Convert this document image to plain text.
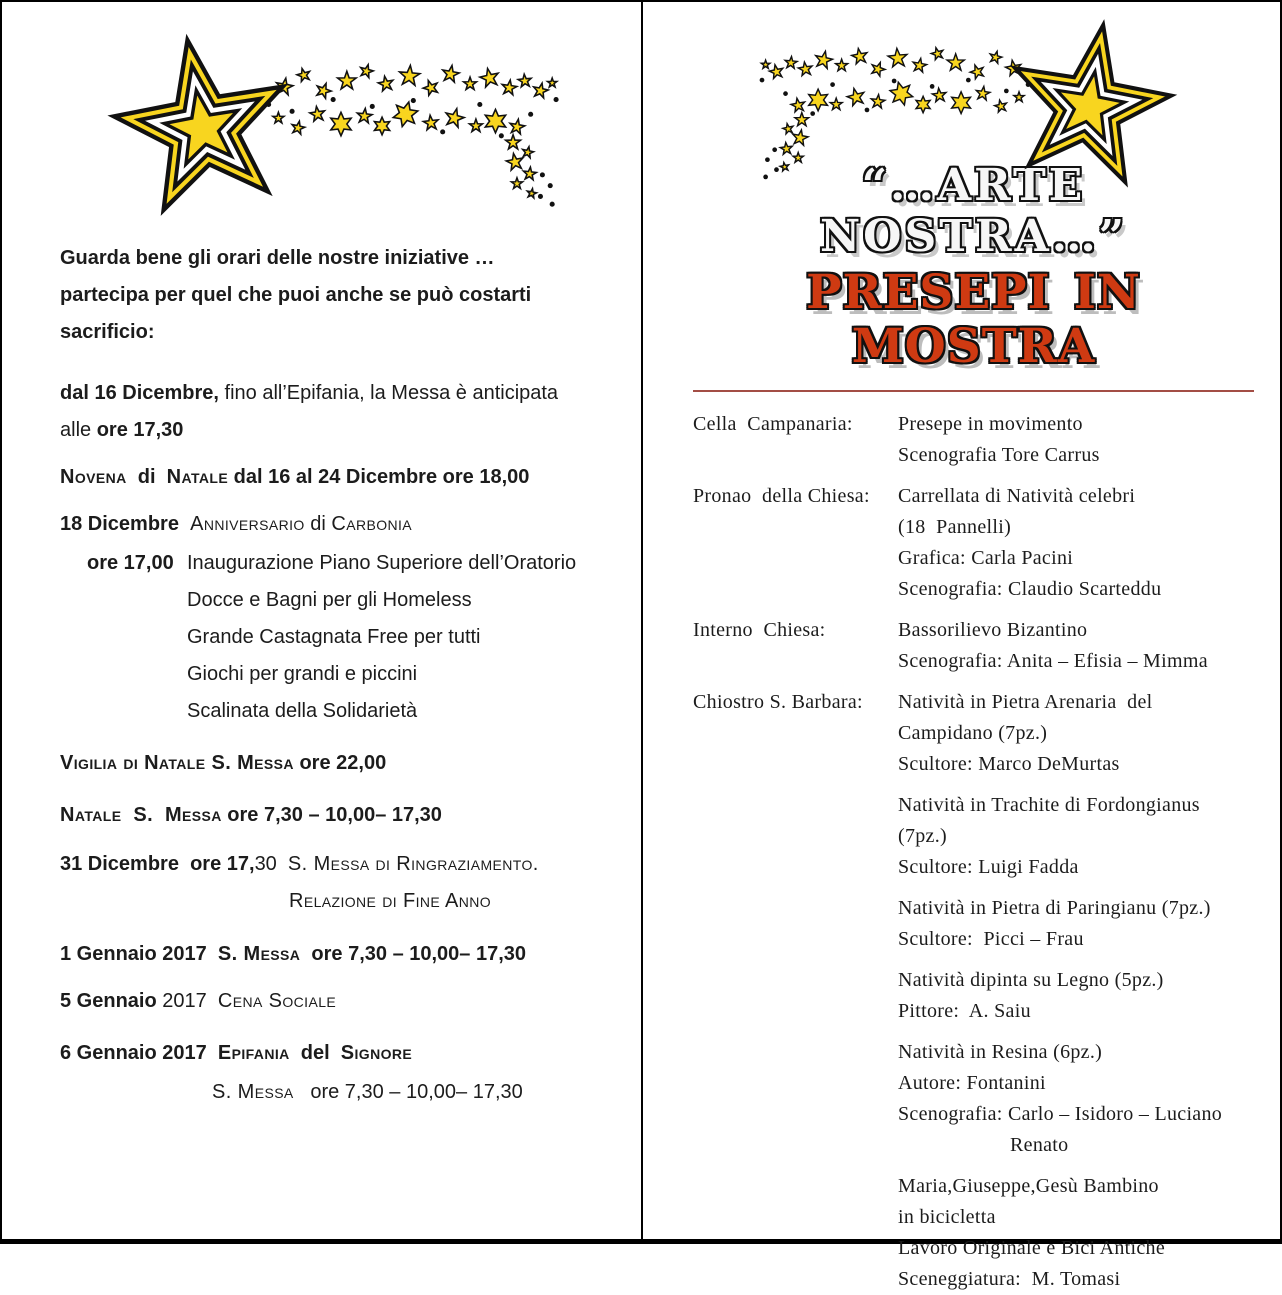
Guarda bene gli orari delle nostre iniziative …
partecipa per quel che puoi anche se può costarti
sacrificio:
dal 16 Dicembre, fino all’Epifania, la Messa è anticipata
alle ore 17,30
Novena  di  Natale dal 16 al 24 Dicembre ore 18,00
18 Dicembre  Anniversario di Carbonia
ore 17,00 Inaugurazione Piano Superiore dell’Oratorio
Docce e Bagni per gli Homeless
Grande Castagnata Free per tutti
Giochi per grandi e piccini
Scalinata della Solidarietà
Vigilia di Natale S. Messa ore 22,00
Natale  S.  Messa ore 7,30 – 10,00– 17,30
31 Dicembre  ore 17,30  S. Messa di Ringraziamento.
Relazione di Fine Anno
1 Gennaio 2017  S. Messa  ore 7,30 – 10,00– 17,30
5 Gennaio 2017  Cena Sociale
6 Gennaio 2017  Epifania  del  Signore
S. Messa   ore 7,30 – 10,00– 17,30
“…ARTE NOSTRA…”
PRESEPI IN MOSTRA
Cella  Campanaria:	Presepe in movimento
Scenografia Tore Carrus
Pronao  della Chiesa:	Carrellata di Natività celebri
(18  Pannelli)
Grafica: Carla Pacini
Scenografia: Claudio Scarteddu
Interno  Chiesa:	Bassorilievo Bizantino
Scenografia: Anita – Efisia – Mimma
Chiostro S. Barbara:	Natività in Pietra Arenaria  del
Campidano (7pz.)
Scultore: Marco DeMurtas
Natività in Trachite di Fordongianus
(7pz.)
Scultore: Luigi Fadda
Natività in Pietra di Paringianu (7pz.)
Scultore:  Picci – Frau
Natività dipinta su Legno (5pz.)
Pittore:  A. Saiu
Natività in Resina (6pz.)
Autore: Fontanini
Scenografia: Carlo – Isidoro – Luciano
Renato
Maria,Giuseppe,Gesù Bambino
in bicicletta
Lavoro Originale e Bici Antiche
Sceneggiatura:  M. Tomasi
